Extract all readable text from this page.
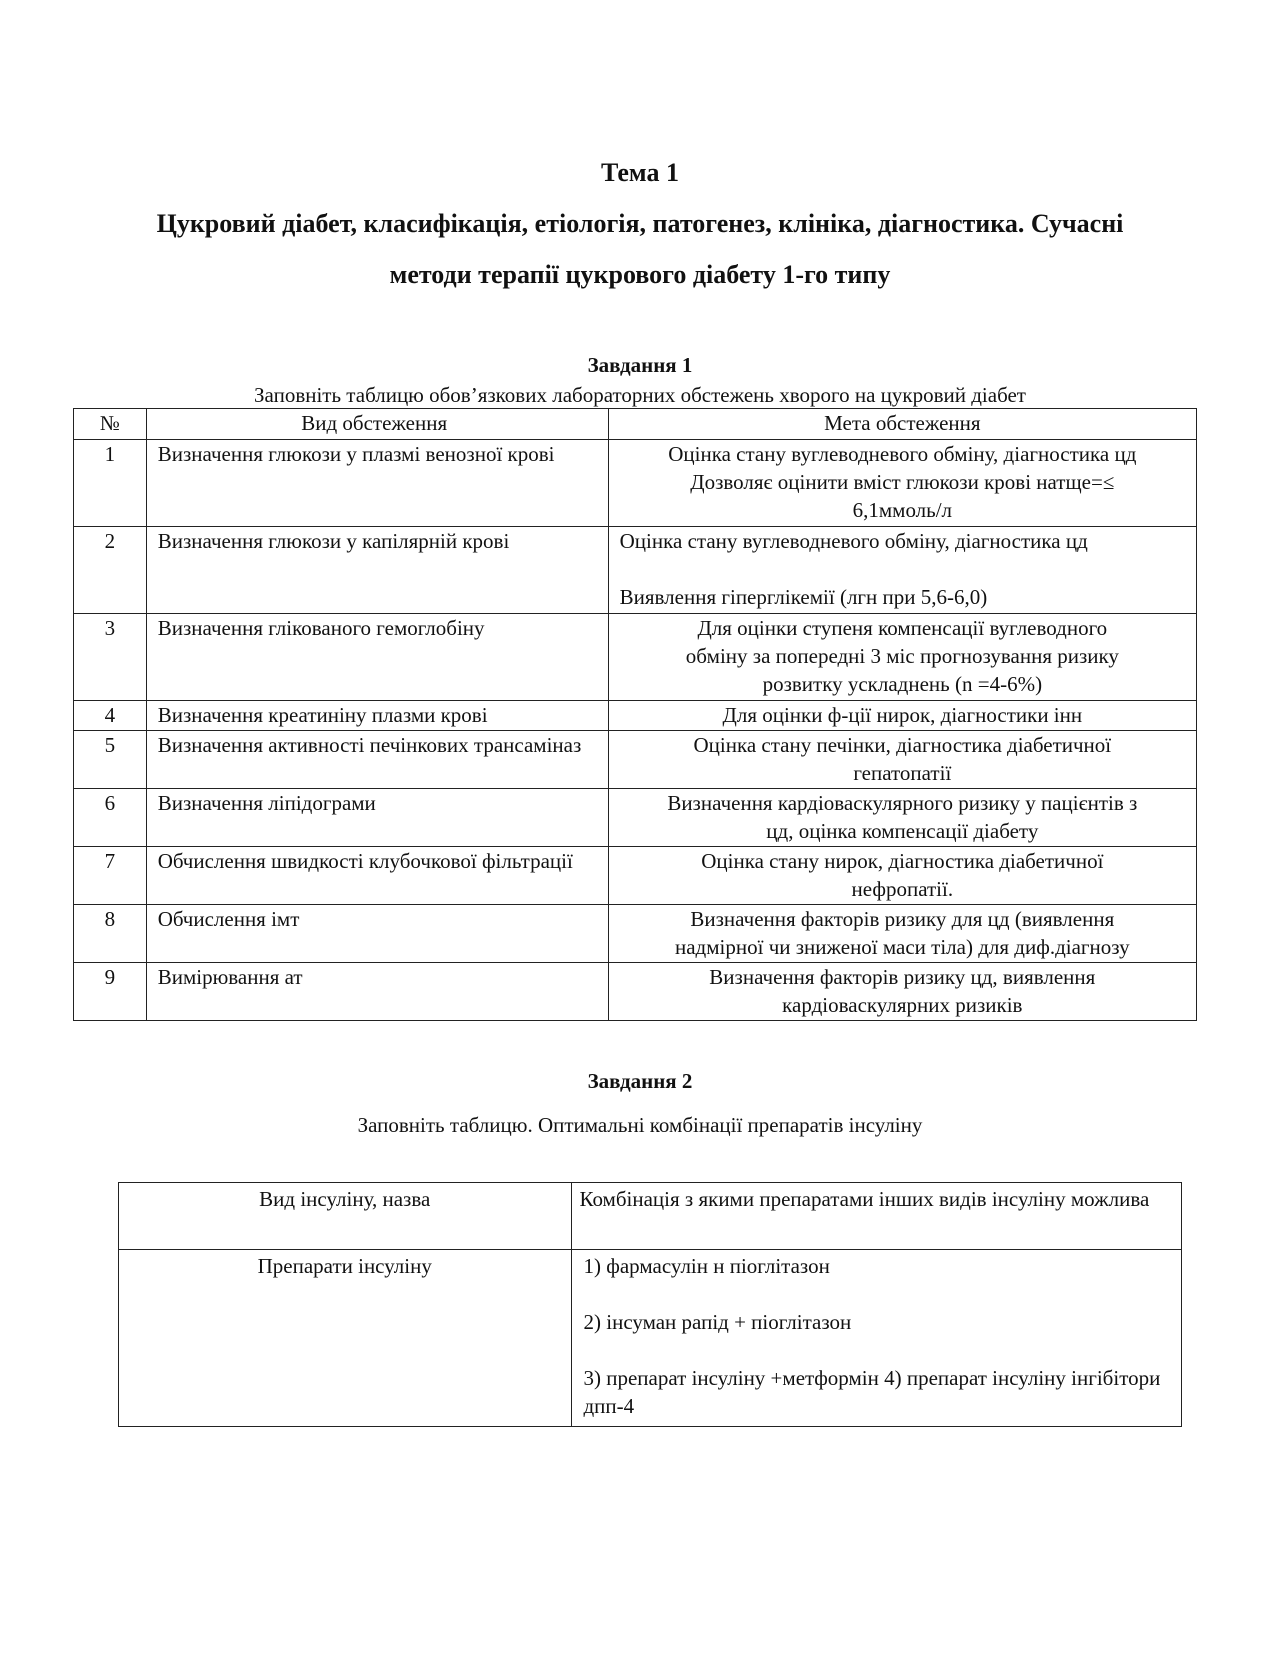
Тема 1

Цукровий діабет, класифікація, етіологія, патогенез, клініка, діагностика. Сучасні

методи терапії цукрового діабету 1-го типу

Завдання 1

Заповніть таблицю обов’язкових лабораторних обстежень хворого на цукровий діабет

№	Вид обстеження	Мета обстеження
1	Визначення глюкози у плазмі венозної крові	Оцінка стану вуглеводневого обміну, діагностика цд
Дозволяє оцінити вміст глюкози крові натще=≤
6,1ммоль/л

2	Визначення глюкози у капілярній крові	Оцінка стану вуглеводневого обміну, діагностика цд
Виявлення гіперглікемії (лгн при 5,6-6,0)

3	Визначення глікованого гемоглобіну	Для оцінки ступеня компенсації вуглеводного
обміну за попередні 3 міс прогнозування ризику
розвитку ускладнень (n =4-6%)

4	Визначення креатиніну плазми крові	Для оцінки ф-ції нирок, діагностики інн

5	Визначення активності печінкових трансаміназ	Оцінка стану печінки, діагностика діабетичної
гепатопатії

6	Визначення ліпідограми	Визначення кардіоваскулярного ризику у пацієнтів з
цд, оцінка компенсації діабету

7	Обчислення швидкості клубочкової фільтрації	Оцінка стану нирок, діагностика діабетичної
нефропатії.

8	Обчислення імт	Визначення факторів ризику для цд (виявлення
надмірної чи зниженої маси тіла) для диф.діагнозу

9	Вимірювання ат	Визначення факторів ризику цд, виявлення
кардіоваскулярних ризиків

Завдання 2

Заповніть таблицю. Оптимальні комбінації препаратів інсуліну

Вид інсуліну, назва	Комбінація з якими препаратами інших видів інсуліну можлива
Препарати інсуліну	1) фармасулін н піоглітазон
2) інсуман рапід + піоглітазон
3) препарат інсуліну +метформін 4) препарат інсуліну інгібітори дпп-4
